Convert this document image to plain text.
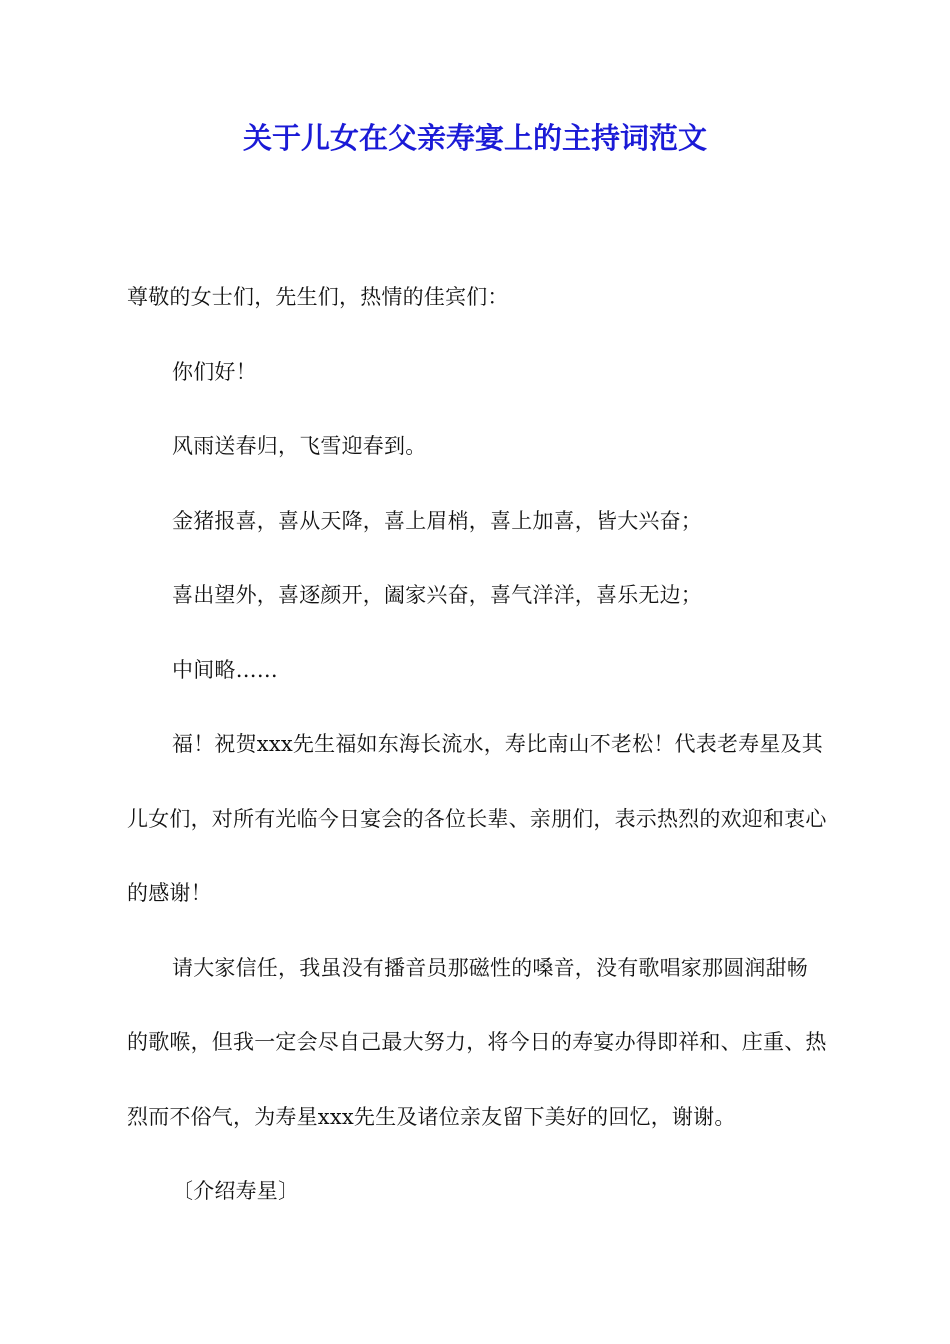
关于儿女在父亲寿宴上的主持词范文

尊敬的女士们，先生们，热情的佳宾们：

你们好！

风雨送春归，飞雪迎春到。

金猪报喜，喜从天降，喜上眉梢，喜上加喜，皆大兴奋；

喜出望外，喜逐颜开，阖家兴奋，喜气洋洋，喜乐无边；

中间略……

福！祝贺xxx先生福如东海长流水，寿比南山不老松！代表老寿星及其儿女们，对所有光临今日宴会的各位长辈、亲朋们，表示热烈的欢迎和衷心的感谢！

请大家信任，我虽没有播音员那磁性的嗓音，没有歌唱家那圆润甜畅的歌喉，但我一定会尽自己最大努力，将今日的寿宴办得即祥和、庄重、热烈而不俗气，为寿星xxx先生及诸位亲友留下美好的回忆，谢谢。

〔介绍寿星〕
